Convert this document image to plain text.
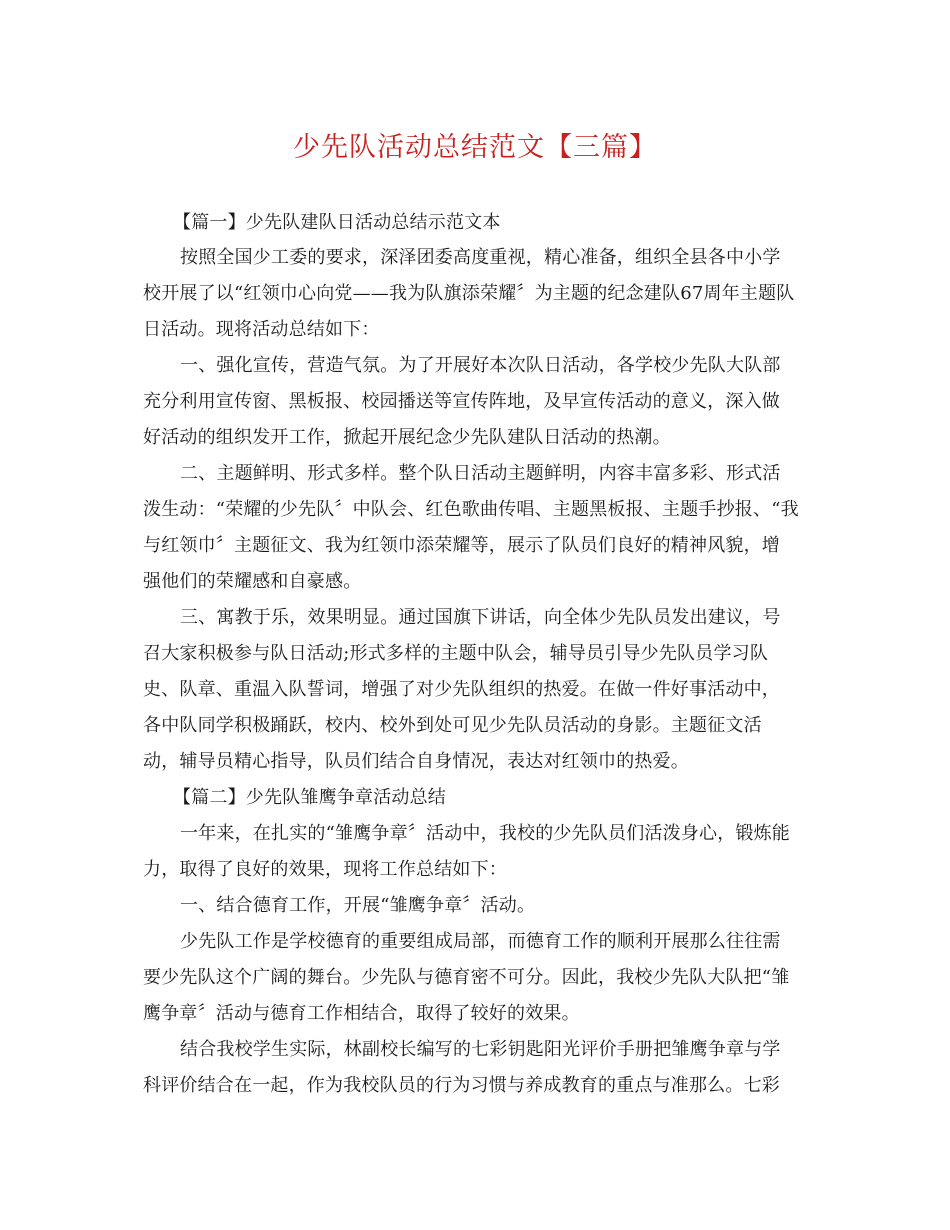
少先队活动总结范文【三篇】
【篇一】少先队建队日活动总结示范文本
按照全国少工委的要求，深泽团委高度重视，精心准备，组织全县各中小学
校开展了以“红领巾心向党——我为队旗添荣耀〞为主题的纪念建队67周年主题队
日活动。现将活动总结如下：
一、强化宣传，营造气氛。为了开展好本次队日活动，各学校少先队大队部
充分利用宣传窗、黑板报、校园播送等宣传阵地，及早宣传活动的意义，深入做
好活动的组织发开工作，掀起开展纪念少先队建队日活动的热潮。
二、主题鲜明、形式多样。整个队日活动主题鲜明，内容丰富多彩、形式活
泼生动：“荣耀的少先队〞中队会、红色歌曲传唱、主题黑板报、主题手抄报、“我
与红领巾〞主题征文、我为红领巾添荣耀等，展示了队员们良好的精神风貌，增
强他们的荣耀感和自豪感。
三、寓教于乐，效果明显。通过国旗下讲话，向全体少先队员发出建议，号
召大家积极参与队日活动;形式多样的主题中队会，辅导员引导少先队员学习队
史、队章、重温入队誓词，增强了对少先队组织的热爱。在做一件好事活动中，
各中队同学积极踊跃，校内、校外到处可见少先队员活动的身影。主题征文活
动，辅导员精心指导，队员们结合自身情况，表达对红领巾的热爱。
【篇二】少先队雏鹰争章活动总结
一年来，在扎实的“雏鹰争章〞活动中，我校的少先队员们活泼身心，锻炼能
力，取得了良好的效果，现将工作总结如下：
一、结合德育工作，开展“雏鹰争章〞活动。
少先队工作是学校德育的重要组成局部，而德育工作的顺利开展那么往往需
要少先队这个广阔的舞台。少先队与德育密不可分。因此，我校少先队大队把“雏
鹰争章〞活动与德育工作相结合，取得了较好的效果。
结合我校学生实际，林副校长编写的七彩钥匙阳光评价手册把雏鹰争章与学
科评价结合在一起，作为我校队员的行为习惯与养成教育的重点与准那么。七彩
